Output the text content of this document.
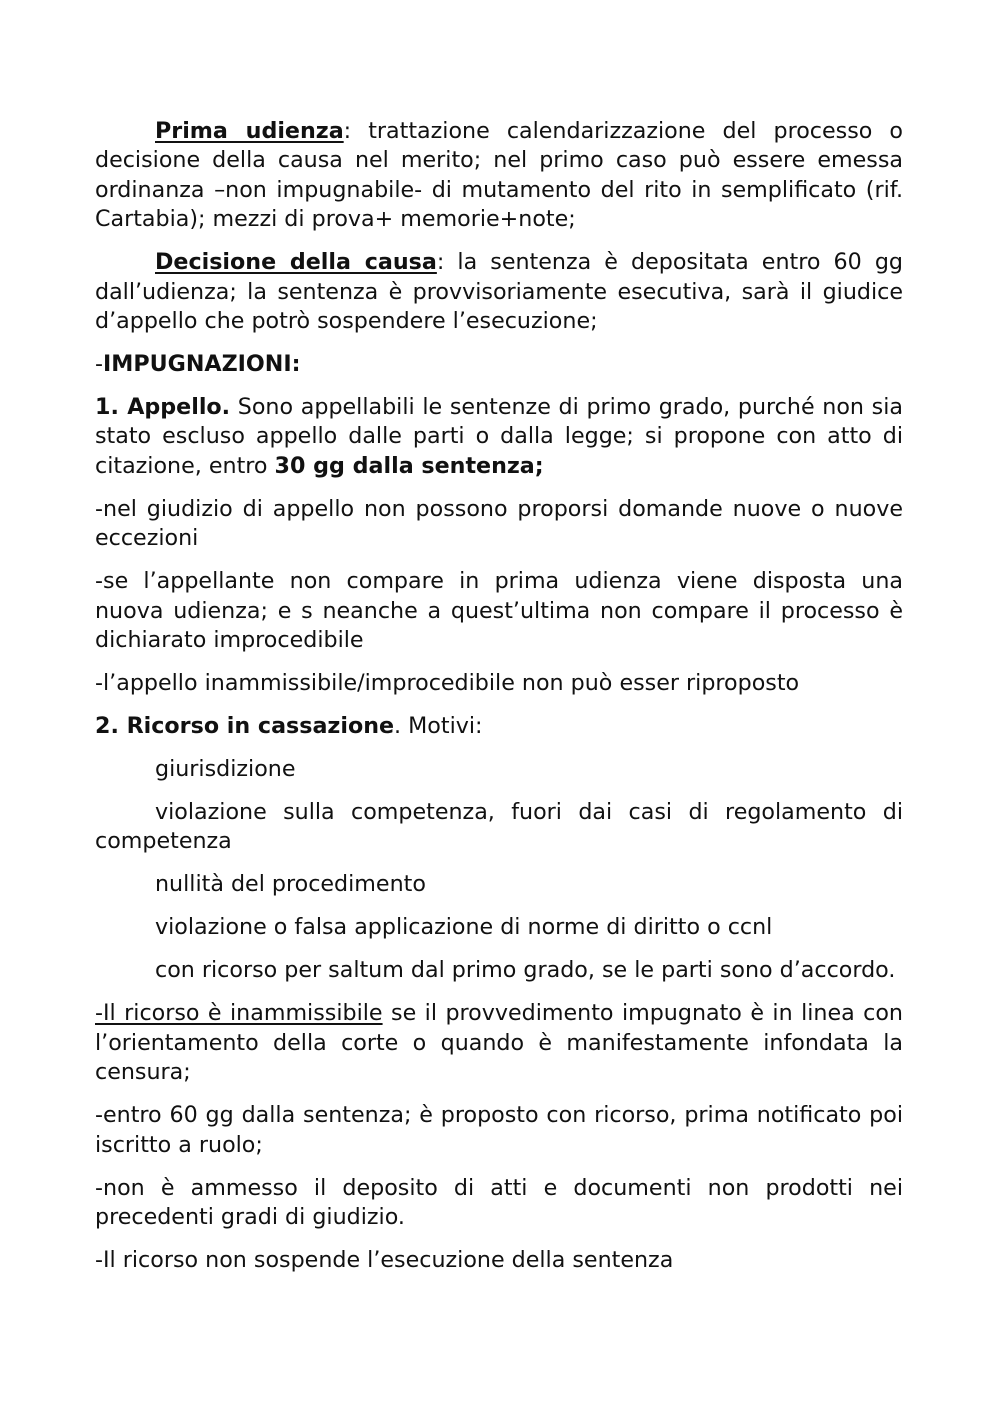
Prima udienza: trattazione calendarizzazione del processo o decisione della causa nel merito; nel primo caso può essere emessa ordinanza –non impugnabile- di mutamento del rito in semplificato (rif. Cartabia); mezzi di prova+ memorie+note;

Decisione della causa: la sentenza è depositata entro 60 gg dall’udienza; la sentenza è provvisoriamente esecutiva, sarà il giudice d’appello che potrò sospendere l’esecuzione;

-IMPUGNAZIONI:

1. Appello. Sono appellabili le sentenze di primo grado, purché non sia stato escluso appello dalle parti o dalla legge; si propone con atto di citazione, entro 30 gg dalla sentenza;

-nel giudizio di appello non possono proporsi domande nuove o nuove eccezioni

-se l’appellante non compare in prima udienza viene disposta una nuova udienza; e s neanche a quest’ultima non compare il processo è dichiarato improcedibile

-l’appello inammissibile/improcedibile non può esser riproposto

2. Ricorso in cassazione. Motivi:

giurisdizione

violazione sulla competenza, fuori dai casi di regolamento di competenza

nullità del procedimento

violazione o falsa applicazione di norme di diritto o ccnl

con ricorso per saltum dal primo grado, se le parti sono d’accordo.

-Il ricorso è inammissibile se il provvedimento impugnato è in linea con l’orientamento della corte o quando è manifestamente infondata la censura;

-entro 60 gg dalla sentenza; è proposto con ricorso, prima notificato poi iscritto a ruolo;

-non è ammesso il deposito di atti e documenti non prodotti nei precedenti gradi di giudizio.

-Il ricorso non sospende l’esecuzione della sentenza
